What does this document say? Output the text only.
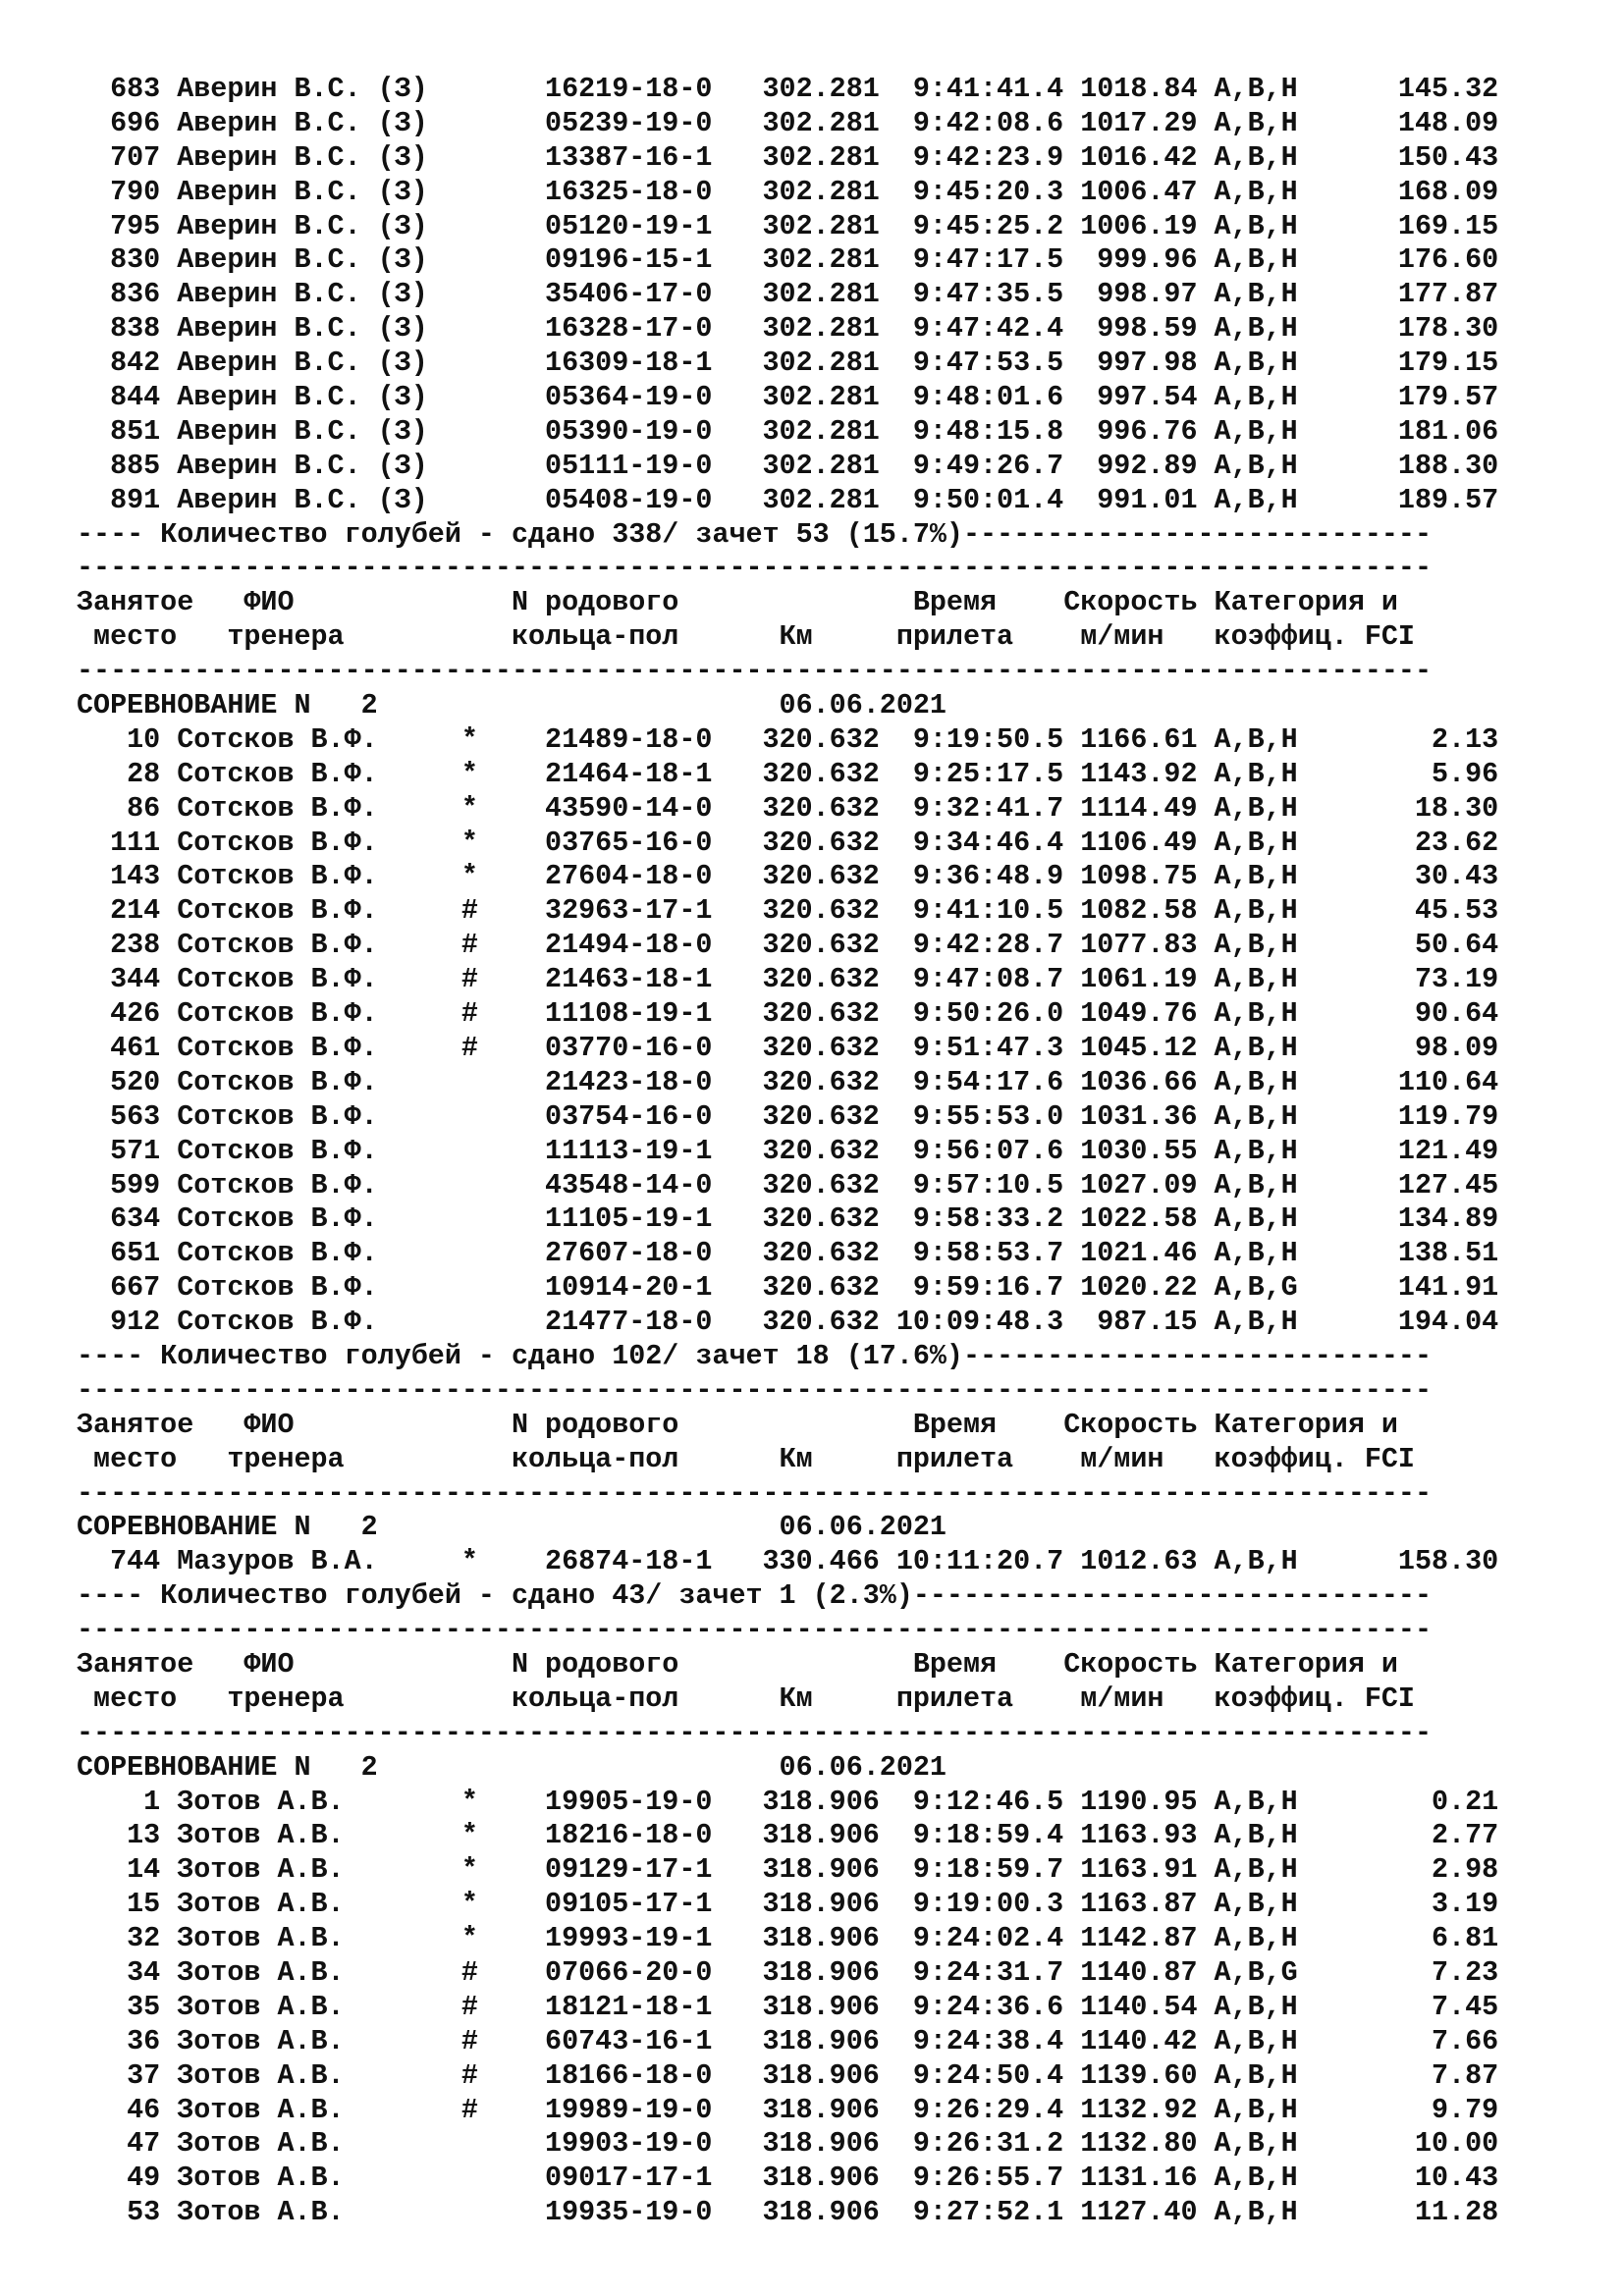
683 Аверин В.С. (З)       16219-18-0   302.281  9:41:41.4 1018.84 A,B,H      145.32
696 Аверин В.С. (З)       05239-19-0   302.281  9:42:08.6 1017.29 A,B,H      148.09
707 Аверин В.С. (З)       13387-16-1   302.281  9:42:23.9 1016.42 A,B,H      150.43
790 Аверин В.С. (З)       16325-18-0   302.281  9:45:20.3 1006.47 A,B,H      168.09
795 Аверин В.С. (З)       05120-19-1   302.281  9:45:25.2 1006.19 A,B,H      169.15
830 Аверин В.С. (З)       09196-15-1   302.281  9:47:17.5  999.96 A,B,H      176.60
836 Аверин В.С. (З)       35406-17-0   302.281  9:47:35.5  998.97 A,B,H      177.87
838 Аверин В.С. (З)       16328-17-0   302.281  9:47:42.4  998.59 A,B,H      178.30
842 Аверин В.С. (З)       16309-18-1   302.281  9:47:53.5  997.98 A,B,H      179.15
844 Аверин В.С. (З)       05364-19-0   302.281  9:48:01.6  997.54 A,B,H      179.57
851 Аверин В.С. (З)       05390-19-0   302.281  9:48:15.8  996.76 A,B,H      181.06
885 Аверин В.С. (З)       05111-19-0   302.281  9:49:26.7  992.89 A,B,H      188.30
891 Аверин В.С. (З)       05408-19-0   302.281  9:50:01.4  991.01 A,B,H      189.57
---- Количество голубей - сдано 338/ зачет 53 (15.7%)----------------------------
---------------------------------------------------------------------------------
Занятое   ФИО             N родового              Время    Скорость Категория и
место   тренера          кольца-пол      Км     прилета    м/мин   коэффиц. FCI
---------------------------------------------------------------------------------
СОРЕВНОВАНИЕ N   2                        06.06.2021
10 Сотсков В.Ф.     *    21489-18-0   320.632  9:19:50.5 1166.61 A,B,H        2.13
28 Сотсков В.Ф.     *    21464-18-1   320.632  9:25:17.5 1143.92 A,B,H        5.96
86 Сотсков В.Ф.     *    43590-14-0   320.632  9:32:41.7 1114.49 A,B,H       18.30
111 Сотсков В.Ф.     *    03765-16-0   320.632  9:34:46.4 1106.49 A,B,H       23.62
143 Сотсков В.Ф.     *    27604-18-0   320.632  9:36:48.9 1098.75 A,B,H       30.43
214 Сотсков В.Ф.     #    32963-17-1   320.632  9:41:10.5 1082.58 A,B,H       45.53
238 Сотсков В.Ф.     #    21494-18-0   320.632  9:42:28.7 1077.83 A,B,H       50.64
344 Сотсков В.Ф.     #    21463-18-1   320.632  9:47:08.7 1061.19 A,B,H       73.19
426 Сотсков В.Ф.     #    11108-19-1   320.632  9:50:26.0 1049.76 A,B,H       90.64
461 Сотсков В.Ф.     #    03770-16-0   320.632  9:51:47.3 1045.12 A,B,H       98.09
520 Сотсков В.Ф.          21423-18-0   320.632  9:54:17.6 1036.66 A,B,H      110.64
563 Сотсков В.Ф.          03754-16-0   320.632  9:55:53.0 1031.36 A,B,H      119.79
571 Сотсков В.Ф.          11113-19-1   320.632  9:56:07.6 1030.55 A,B,H      121.49
599 Сотсков В.Ф.          43548-14-0   320.632  9:57:10.5 1027.09 A,B,H      127.45
634 Сотсков В.Ф.          11105-19-1   320.632  9:58:33.2 1022.58 A,B,H      134.89
651 Сотсков В.Ф.          27607-18-0   320.632  9:58:53.7 1021.46 A,B,H      138.51
667 Сотсков В.Ф.          10914-20-1   320.632  9:59:16.7 1020.22 A,B,G      141.91
912 Сотсков В.Ф.          21477-18-0   320.632 10:09:48.3  987.15 A,B,H      194.04
---- Количество голубей - сдано 102/ зачет 18 (17.6%)----------------------------
---------------------------------------------------------------------------------
Занятое   ФИО             N родового              Время    Скорость Категория и
место   тренера          кольца-пол      Км     прилета    м/мин   коэффиц. FCI
---------------------------------------------------------------------------------
СОРЕВНОВАНИЕ N   2                        06.06.2021
744 Мазуров В.А.     *    26874-18-1   330.466 10:11:20.7 1012.63 A,B,H      158.30
---- Количество голубей - сдано 43/ зачет 1 (2.3%)-------------------------------
---------------------------------------------------------------------------------
Занятое   ФИО             N родового              Время    Скорость Категория и
место   тренера          кольца-пол      Км     прилета    м/мин   коэффиц. FCI
---------------------------------------------------------------------------------
СОРЕВНОВАНИЕ N   2                        06.06.2021
1 Зотов А.В.       *    19905-19-0   318.906  9:12:46.5 1190.95 A,B,H        0.21
13 Зотов А.В.       *    18216-18-0   318.906  9:18:59.4 1163.93 A,B,H        2.77
14 Зотов А.В.       *    09129-17-1   318.906  9:18:59.7 1163.91 A,B,H        2.98
15 Зотов А.В.       *    09105-17-1   318.906  9:19:00.3 1163.87 A,B,H        3.19
32 Зотов А.В.       *    19993-19-1   318.906  9:24:02.4 1142.87 A,B,H        6.81
34 Зотов А.В.       #    07066-20-0   318.906  9:24:31.7 1140.87 A,B,G        7.23
35 Зотов А.В.       #    18121-18-1   318.906  9:24:36.6 1140.54 A,B,H        7.45
36 Зотов А.В.       #    60743-16-1   318.906  9:24:38.4 1140.42 A,B,H        7.66
37 Зотов А.В.       #    18166-18-0   318.906  9:24:50.4 1139.60 A,B,H        7.87
46 Зотов А.В.       #    19989-19-0   318.906  9:26:29.4 1132.92 A,B,H        9.79
47 Зотов А.В.            19903-19-0   318.906  9:26:31.2 1132.80 A,B,H       10.00
49 Зотов А.В.            09017-17-1   318.906  9:26:55.7 1131.16 A,B,H       10.43
53 Зотов А.В.            19935-19-0   318.906  9:27:52.1 1127.40 A,B,H       11.28
